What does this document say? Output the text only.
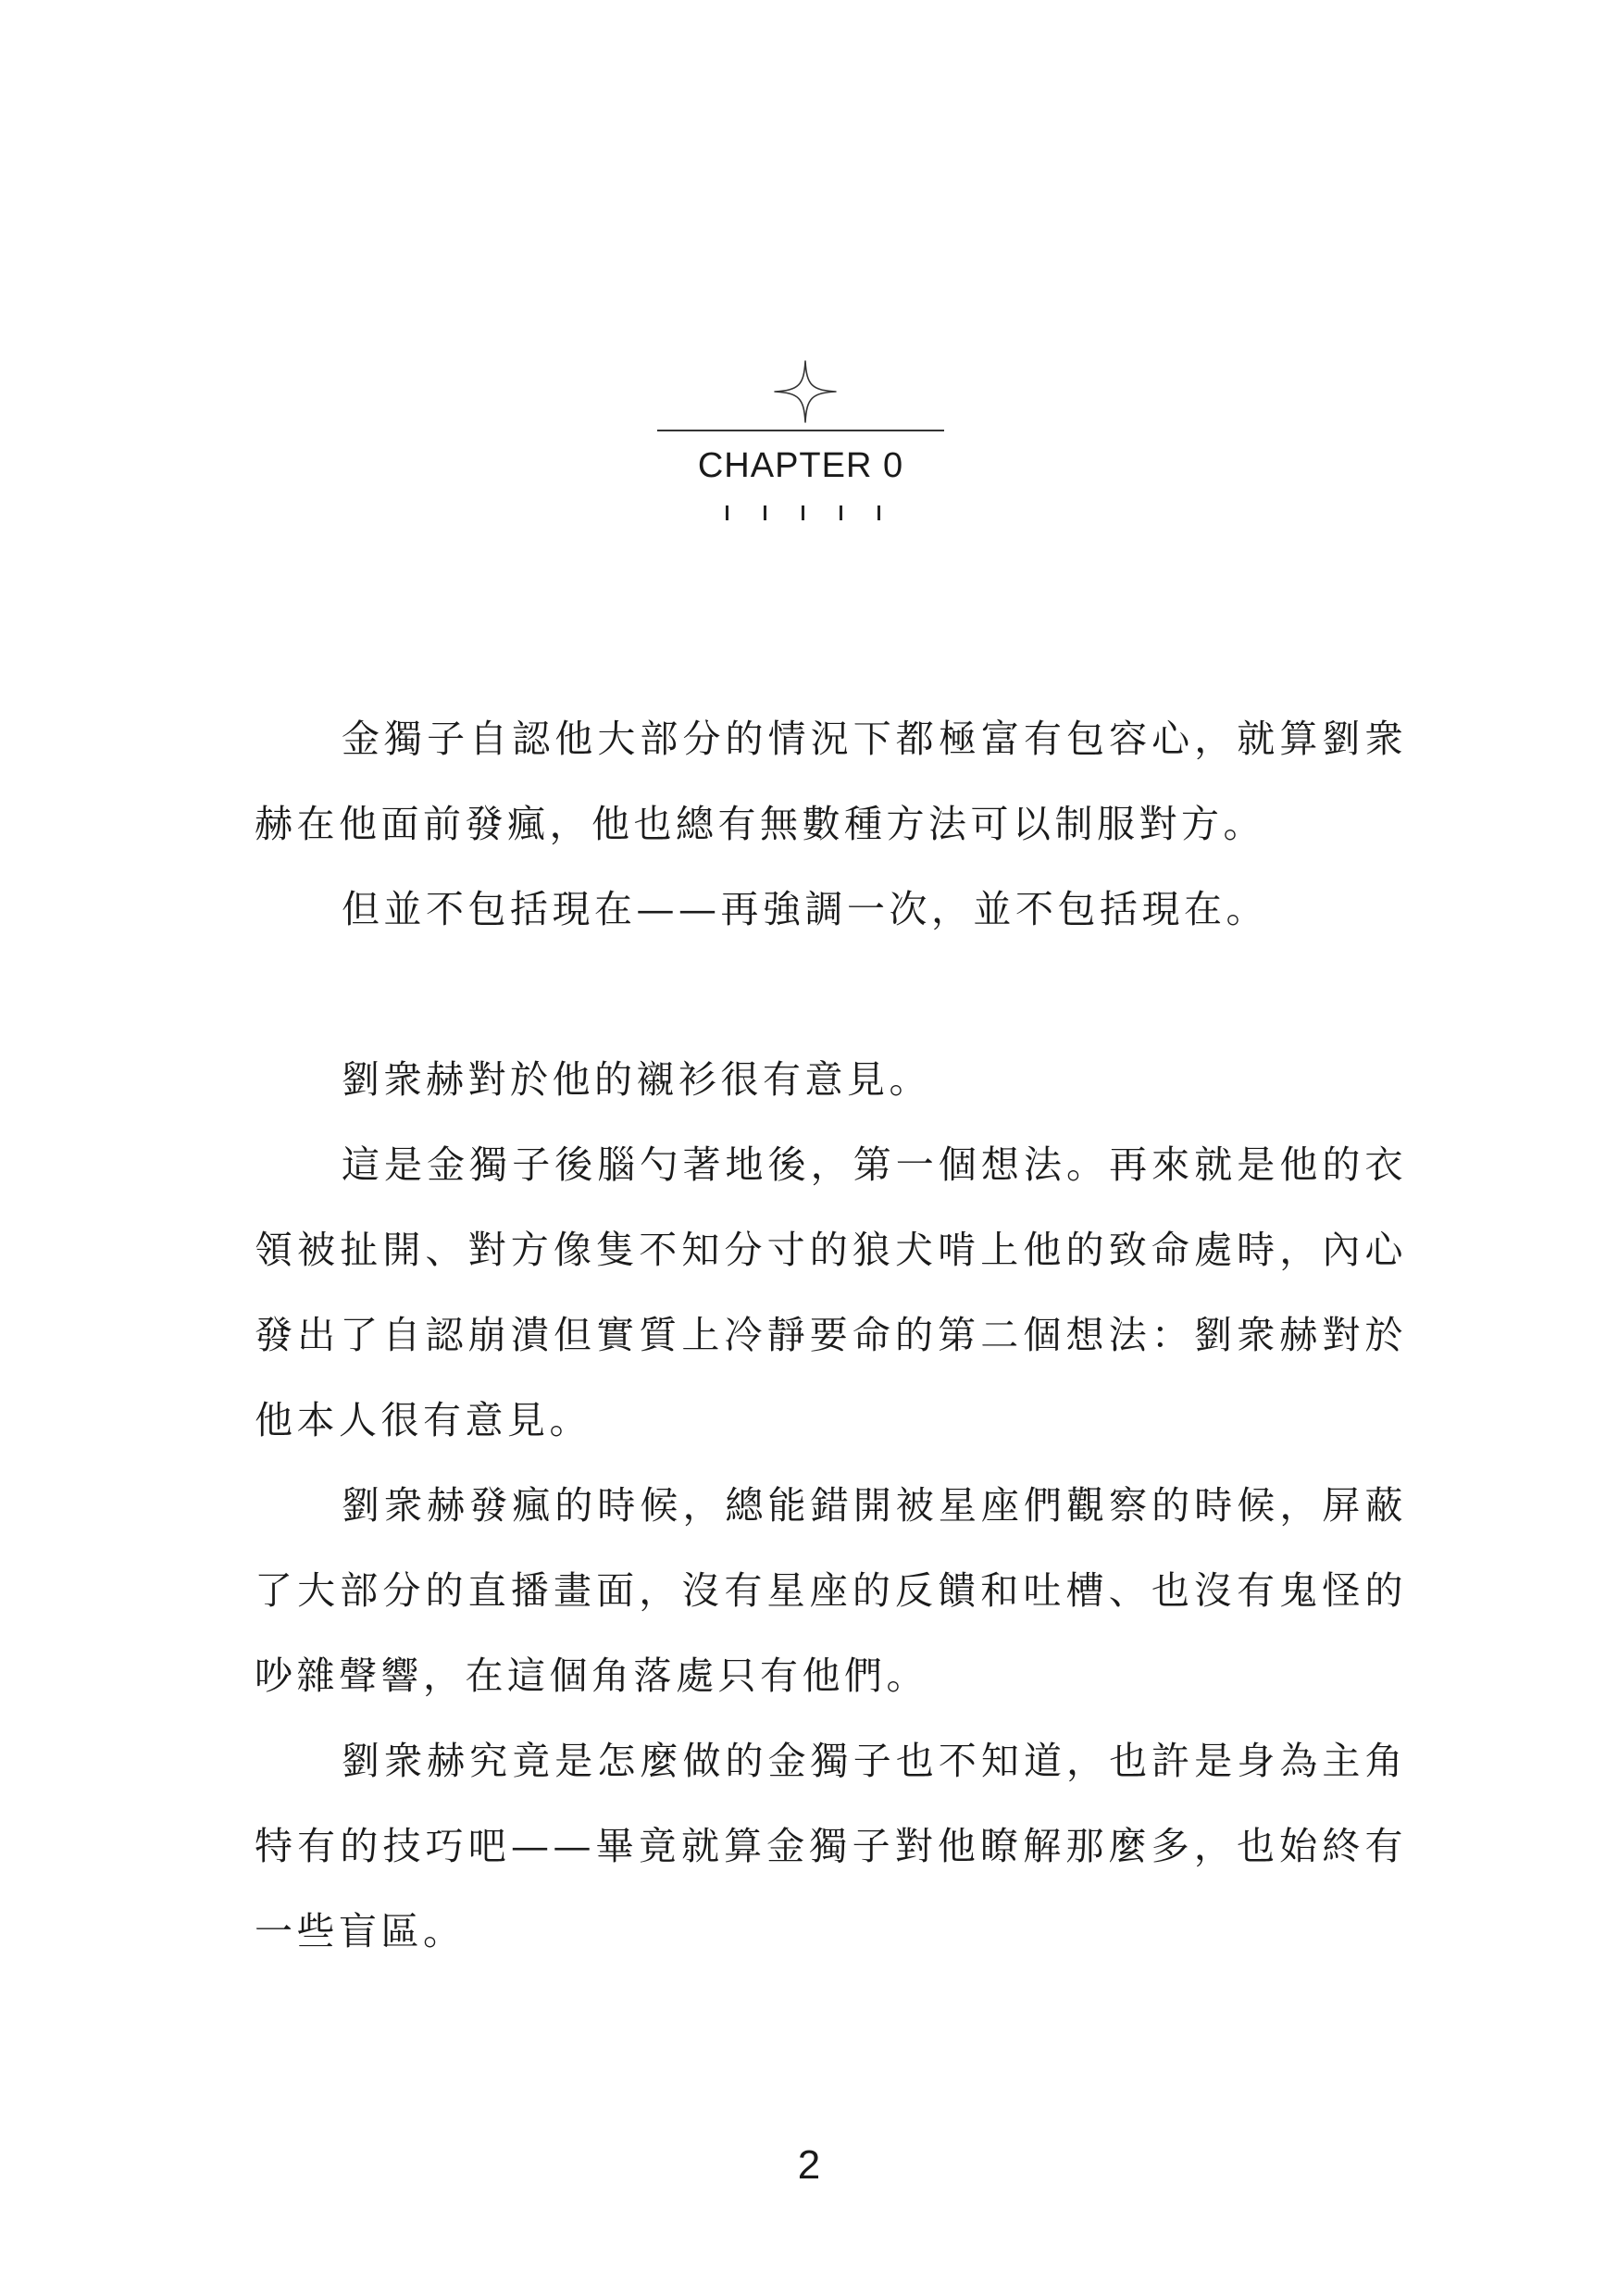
CHAPTER 0

金獨子自認他大部分的情況下都極富有包容心，就算劉衆赫在他面前發瘋，他也總有無數種方法可以制服對方。

但並不包括現在——再強調一次，並不包括現在。

劉衆赫對於他的襯衫很有意見。

這是金獨子後腦勺著地後，第一個想法。再來就是他的衣領被扯開、對方像隻不知分寸的狼犬啃上他的致命處時，內心發出了自認崩潰但實質上冷靜要命的第二個想法：劉衆赫對於他本人很有意見。

劉衆赫發瘋的時候，總能錯開被星座們觀察的時候，屏蔽了大部分的直播畫面，沒有星座的反饋和吐槽、也沒有鬼怪的吵雜聲響，在這個角落處只有他們。

劉衆赫究竟是怎麼做的金獨子也不知道，也許是身為主角特有的技巧吧——畢竟就算金獨子對他瞭解那麼多，也始終有一些盲區。

2
